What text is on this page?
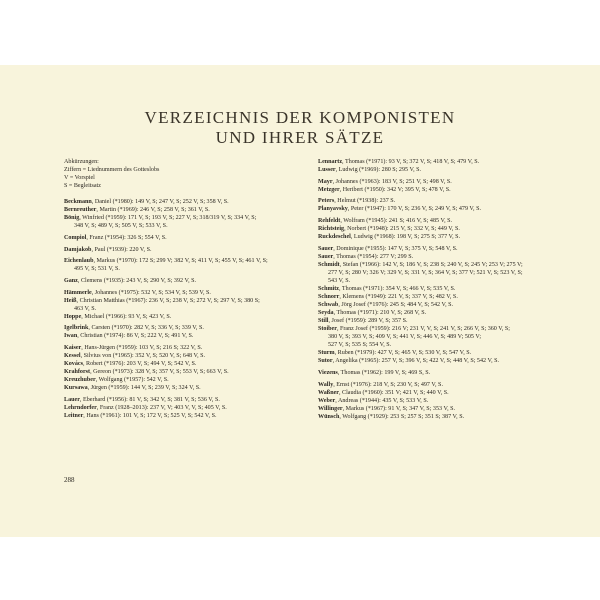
VERZEICHNIS DER KOMPONISTEN
UND IHRER SÄTZE
Abkürzungen:
Ziffern = Liednummern des Gotteslobs
V = Vorspiel
S = Begleitsatz
Beckmann, Daniel (*1980): 149 V, S; 247 V, S; 252 V, S; 358 V, S.
Bernreuther, Martin (*1969): 246 V, S; 258 V, S; 361 V, S.
Bönig, Winfried (*1959): 171 V, S; 193 V, S; 227 V, S; 318/319 V, S; 334 V, S;
348 V, S; 489 V, S; 505 V, S; 533 V, S.
Compiol, Franz (*1954): 326 S; 554 V, S.
Damjakob, Paul (*1939): 220 V, S.
Eichenlaub, Markus (*1970): 172 S; 299 V; 382 V, S; 411 V, S; 455 V, S; 461 V, S;
495 V, S; 531 V, S.
Ganz, Clemens (*1935): 243 V, S; 290 V, S; 392 V, S.
Hämmerle, Johannes (*1975): 532 V, S; 534 V, S; 539 V, S.
Heiß, Christian Matthias (*1967): 236 V, S; 238 V, S; 272 V, S; 297 V, S; 380 S;
463 V, S.
Hoppe, Michael (*1966): 93 V, S; 423 V, S.
Igelbrink, Carsten (*1970): 282 V, S; 336 V, S; 339 V, S.
Iwan, Christian (*1974): 86 V, S; 222 V, S; 491 V, S.
Kaiser, Hans-Jürgen (*1959): 103 V, S; 216 S; 322 V, S.
Kessel, Silvius von (*1965): 352 V, S; 520 V, S; 648 V, S.
Kovács, Robert (*1976): 203 V, S; 494 V, S; 542 V, S.
Krahforst, Gereon (*1973): 328 V, S; 357 V, S; 553 V, S; 663 V, S.
Kreuzhuber, Wolfgang (*1957): 542 V, S.
Kursawa, Jürgen (*1959): 144 V, S; 239 V, S; 324 V, S.
Lauer, Eberhard (*1956): 81 V, S; 342 V, S; 381 V, S; 536 V, S.
Lehrndorfer, Franz (1928–2013): 237 V, V; 403 V, V, S; 405 V, S.
Leitner, Hans (*1961): 101 V, S; 172 V, S; 525 V, S; 542 V, S.
Lennartz, Thomas (*1971): 93 V, S; 372 V, S; 418 V, S; 479 V, S.
Lusser, Ludwig (*1969): 280 S; 295 V, S.
Mayr, Johannes (*1963): 183 V, S; 251 V, S; 498 V, S.
Metzger, Heribert (*1950): 342 V; 395 V, S; 478 V, S.
Peters, Helmut (*1938): 237 S.
Planyavsky, Peter (*1947): 170 V, S; 236 V, S; 249 V, S; 479 V, S.
Rehfeldt, Wolfram (*1945): 241 S; 416 V, S; 485 V, S.
Richtsteig, Norbert (*1948): 215 V, S; 332 V, S; 449 V, S.
Ruckdeschel, Ludwig (*1968): 198 V, S; 275 S; 377 V, S.
Sauer, Dominique (*1955): 147 V, S; 375 V, S; 548 V, S.
Sauer, Thomas (*1954): 277 V; 299 S.
Schmidt, Stefan (*1966): 142 V, S; 186 V, S; 238 S; 240 V, S; 245 V; 253 V; 275 V;
277 V, S; 280 V; 326 V; 329 V, S; 331 V, S; 364 V, S; 377 V; 521 V, S; 523 V, S;
543 V, S.
Schmitz, Thomas (*1971): 354 V, S; 466 V, S; 535 V, S.
Schnorr, Klemens (*1949): 221 V, S; 337 V, S; 482 V, S.
Schwab, Jörg Josef (*1976): 245 S; 484 V, S; 542 V, S.
Seyda, Thomas (*1971): 210 V, S; 268 V, S.
Still, Josef (*1959): 289 V, S; 357 S.
Stoiber, Franz Josef (*1959): 216 V; 231 V, V, S; 241 V, S; 266 V, S; 360 V, S;
380 V, S; 393 V, S; 409 V, S; 441 V, S; 446 V, S; 489 V; 505 V;
527 V, S; 535 S; 554 V, S.
Sturm, Ruben (*1979): 427 V, S; 465 V, S; 530 V, S; 547 V, S.
Sutor, Angelika (*1965): 257 V, S; 396 V, S; 422 V, S; 448 V, S; 542 V, S.
Viezens, Thomas (*1962): 199 V, S; 469 S, S.
Wally, Ernst (*1976): 218 V, S; 230 V, S; 497 V, S.
Waßner, Claudia (*1960): 351 V; 421 V, S; 440 V, S.
Weber, Andreas (*1944): 435 V, S; 533 V, S.
Willinger, Markus (*1967): 91 V, S; 347 V, S; 353 V, S.
Wünsch, Wolfgang (*1929): 253 S; 257 S; 351 S; 387 V, S.
288
